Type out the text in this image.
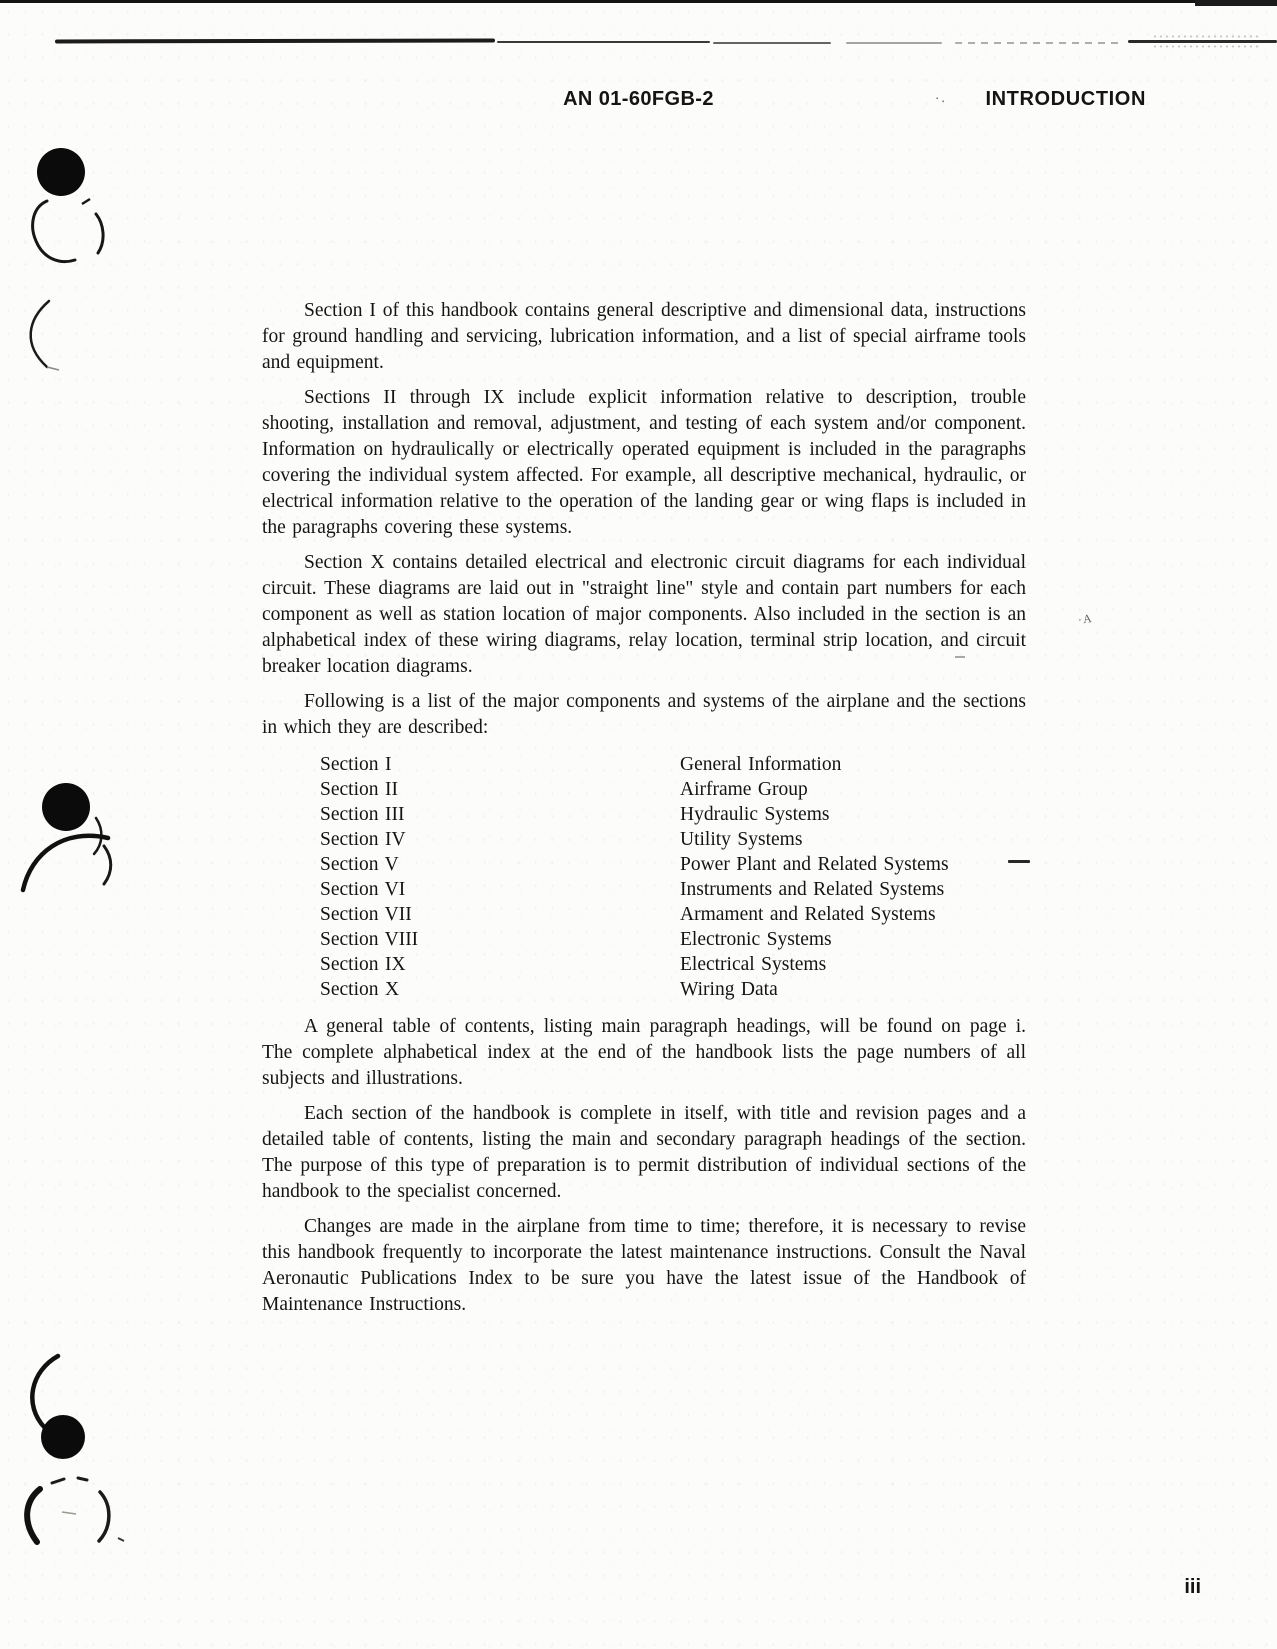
AN 01-60FGB-2	·. INTRODUCTION

Section I of this handbook contains general descriptive and dimensional data, instructions for ground handling and servicing, lubrication information, and a list of special airframe tools and equipment.

Sections II through IX include explicit information relative to description, trouble shooting, installation and removal, adjustment, and testing of each system and/or component. Information on hydraulically or electrically operated equipment is included in the paragraphs covering the individual system affected. For example, all descriptive mechanical, hydraulic, or electrical information relative to the operation of the landing gear or wing flaps is included in the paragraphs covering these systems.

Section X contains detailed electrical and electronic circuit diagrams for each individual circuit. These diagrams are laid out in "straight line" style and contain part numbers for each component as well as station location of major components. Also included in the section is an alphabetical index of these wiring diagrams, relay location, terminal strip location, and circuit breaker location diagrams.

Following is a list of the major components and systems of the airplane and the sections in which they are described:

Section I	General Information
Section II	Airframe Group
Section III	Hydraulic Systems
Section IV	Utility Systems
Section V	Power Plant and Related Systems
Section VI	Instruments and Related Systems
Section VII	Armament and Related Systems
Section VIII	Electronic Systems
Section IX	Electrical Systems
Section X	Wiring Data

A general table of contents, listing main paragraph headings, will be found on page i. The complete alphabetical index at the end of the handbook lists the page numbers of all subjects and illustrations.

Each section of the handbook is complete in itself, with title and revision pages and a detailed table of contents, listing the main and secondary paragraph headings of the section. The purpose of this type of preparation is to permit distribution of individual sections of the handbook to the specialist concerned.

Changes are made in the airplane from time to time; therefore, it is necessary to revise this handbook frequently to incorporate the latest maintenance instructions. Consult the Naval Aeronautic Publications Index to be sure you have the latest issue of the Handbook of Maintenance Instructions.

·A
iii
